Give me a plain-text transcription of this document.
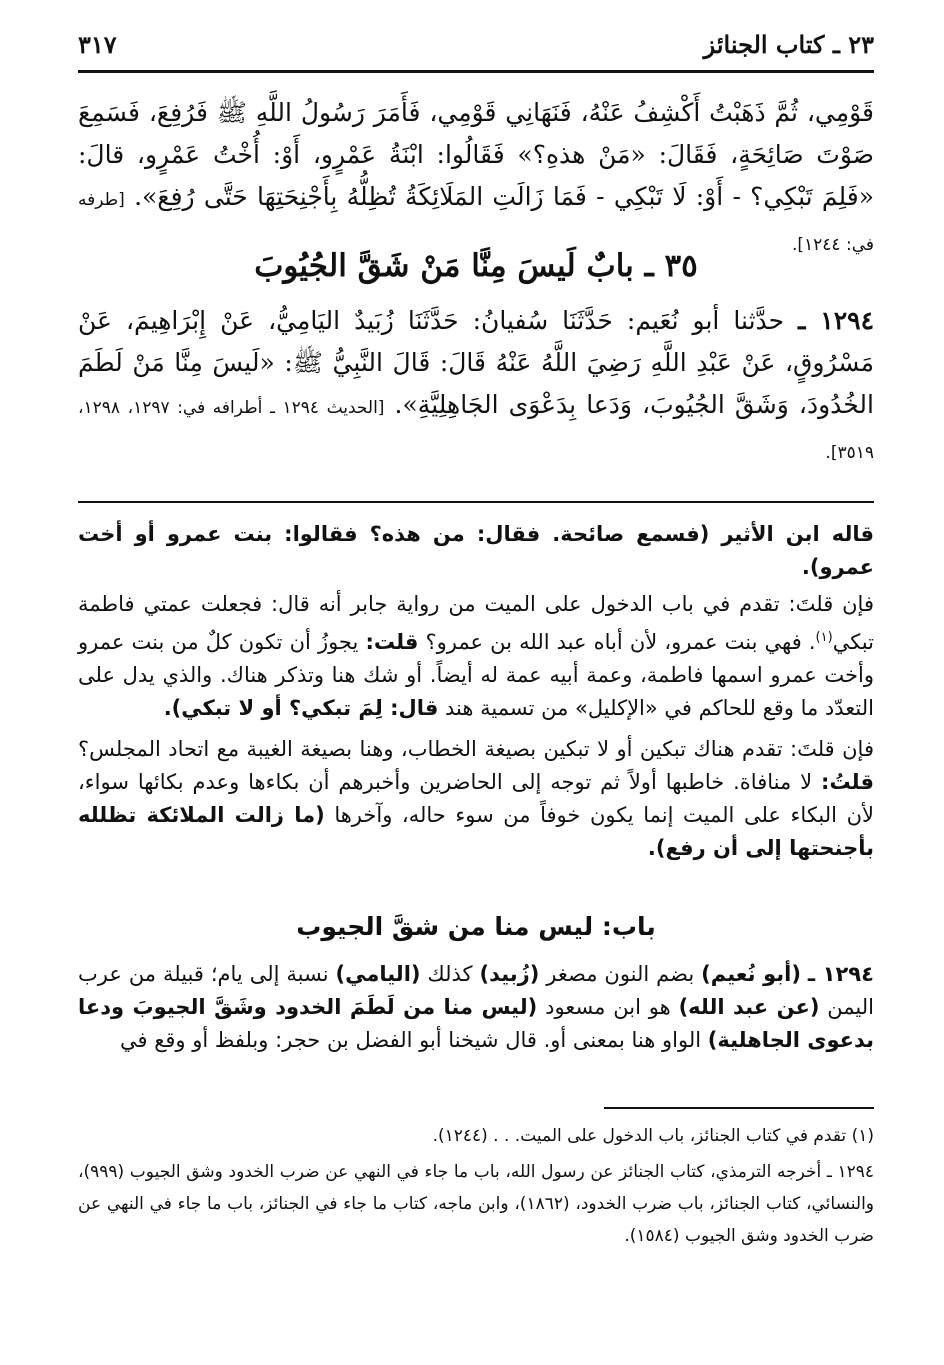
٢٣ ـ كتاب الجنائز
٣١٧
قَوْمِي، ثُمَّ ذَهَبْتُ أَكْشِفُ عَنْهُ، فَنَهَانِي قَوْمِي، فَأَمَرَ رَسُولُ اللَّهِ ﷺ فَرُفِعَ، فَسَمِعَ صَوْتَ صَائِحَةٍ، فَقَالَ: «مَنْ هذهِ؟» فَقَالُوا: ابْنَةُ عَمْرٍو، أَوْ: أُخْتُ عَمْرٍو، قالَ: «فَلِمَ تَبْكِي؟ - أَوْ: لَا تَبْكِي - فَمَا زَالَتِ المَلَائِكَةُ تُظِلُّهُ بِأَجْنِحَتِهَا حَتَّى رُفِعَ». [طرفه في: ١٢٤٤].
٣٥ ـ بابٌ لَيسَ مِنَّا مَنْ شَقَّ الجُيُوبَ
١٢٩٤ ـ حدَّثنا أبو نُعَيم: حَدَّثَنَا سُفيانُ: حَدَّثَنَا زُبَيدٌ اليَامِيُّ، عَنْ إِبْرَاهِيمَ، عَنْ مَسْرُوقٍ، عَنْ عَبْدِ اللَّهِ رَضِيَ اللَّهُ عَنْهُ قَالَ: قَالَ النَّبِيُّ ﷺ: «لَيسَ مِنَّا مَنْ لَطَمَ الخُدُودَ، وَشَقَّ الجُيُوبَ، وَدَعا بِدَعْوَى الجَاهِلِيَّةِ». [الحديث ١٢٩٤ ـ أطرافه في: ١٢٩٧، ١٢٩٨، ٣٥١٩].

قاله ابن الأثير (فسمع صائحة. فقال: من هذه؟ فقالوا: بنت عمرو أو أخت عمرو).

فإن قلتَ: تقدم في باب الدخول على الميت من رواية جابر أنه قال: فجعلت عمتي فاطمة تبكي$^{(١)}$. فهي بنت عمرو، لأن أباه عبد الله بن عمرو؟ قلت: يجوزُ أن تكون كلٌ من بنت عمرو وأخت عمرو اسمها فاطمة، وعمة أبيه عمة له أيضاً. أو شك هنا وتذكر هناك. والذي يدل على التعدّد ما وقع للحاكم في «الإكليل» من تسمية هند قال: لِمَ تبكي؟ أو لا تبكي).

فإن قلتَ: تقدم هناك تبكين أو لا تبكين بصيغة الخطاب، وهنا بصيغة الغيبة مع اتحاد المجلس؟ قلتُ: لا منافاة. خاطبها أولاً ثم توجه إلى الحاضرين وأخبرهم أن بكاءها وعدم بكائها سواء، لأن البكاء على الميت إنما يكون خوفاً من سوء حاله، وآخرها (ما زالت الملائكة تظلله بأجنحتها إلى أن رفع).

باب: ليس منا من شقَّ الجيوب

١٢٩٤ ـ (أبو نُعيم) بضم النون مصغر (زُبيد) كذلك (اليامي) نسبة إلى يام؛ قبيلة من عرب اليمن (عن عبد الله) هو ابن مسعود (ليس منا من لَطَمَ الخدود وشَقَّ الجيوبَ ودعا بدعوى الجاهلية) الواو هنا بمعنى أو. قال شيخنا أبو الفضل بن حجر: وبلفظ أو وقع في

(١) تقدم في كتاب الجنائز، باب الدخول على الميت. . . (١٢٤٤).

١٢٩٤ ـ أخرجه الترمذي، كتاب الجنائز عن رسول الله، باب ما جاء في النهي عن ضرب الخدود وشق الجيوب (٩٩٩)، والنسائي، كتاب الجنائز، باب ضرب الخدود، (١٨٦٢)، وابن ماجه، كتاب ما جاء في الجنائز، باب ما جاء في النهي عن ضرب الخدود وشق الجيوب (١٥٨٤).
